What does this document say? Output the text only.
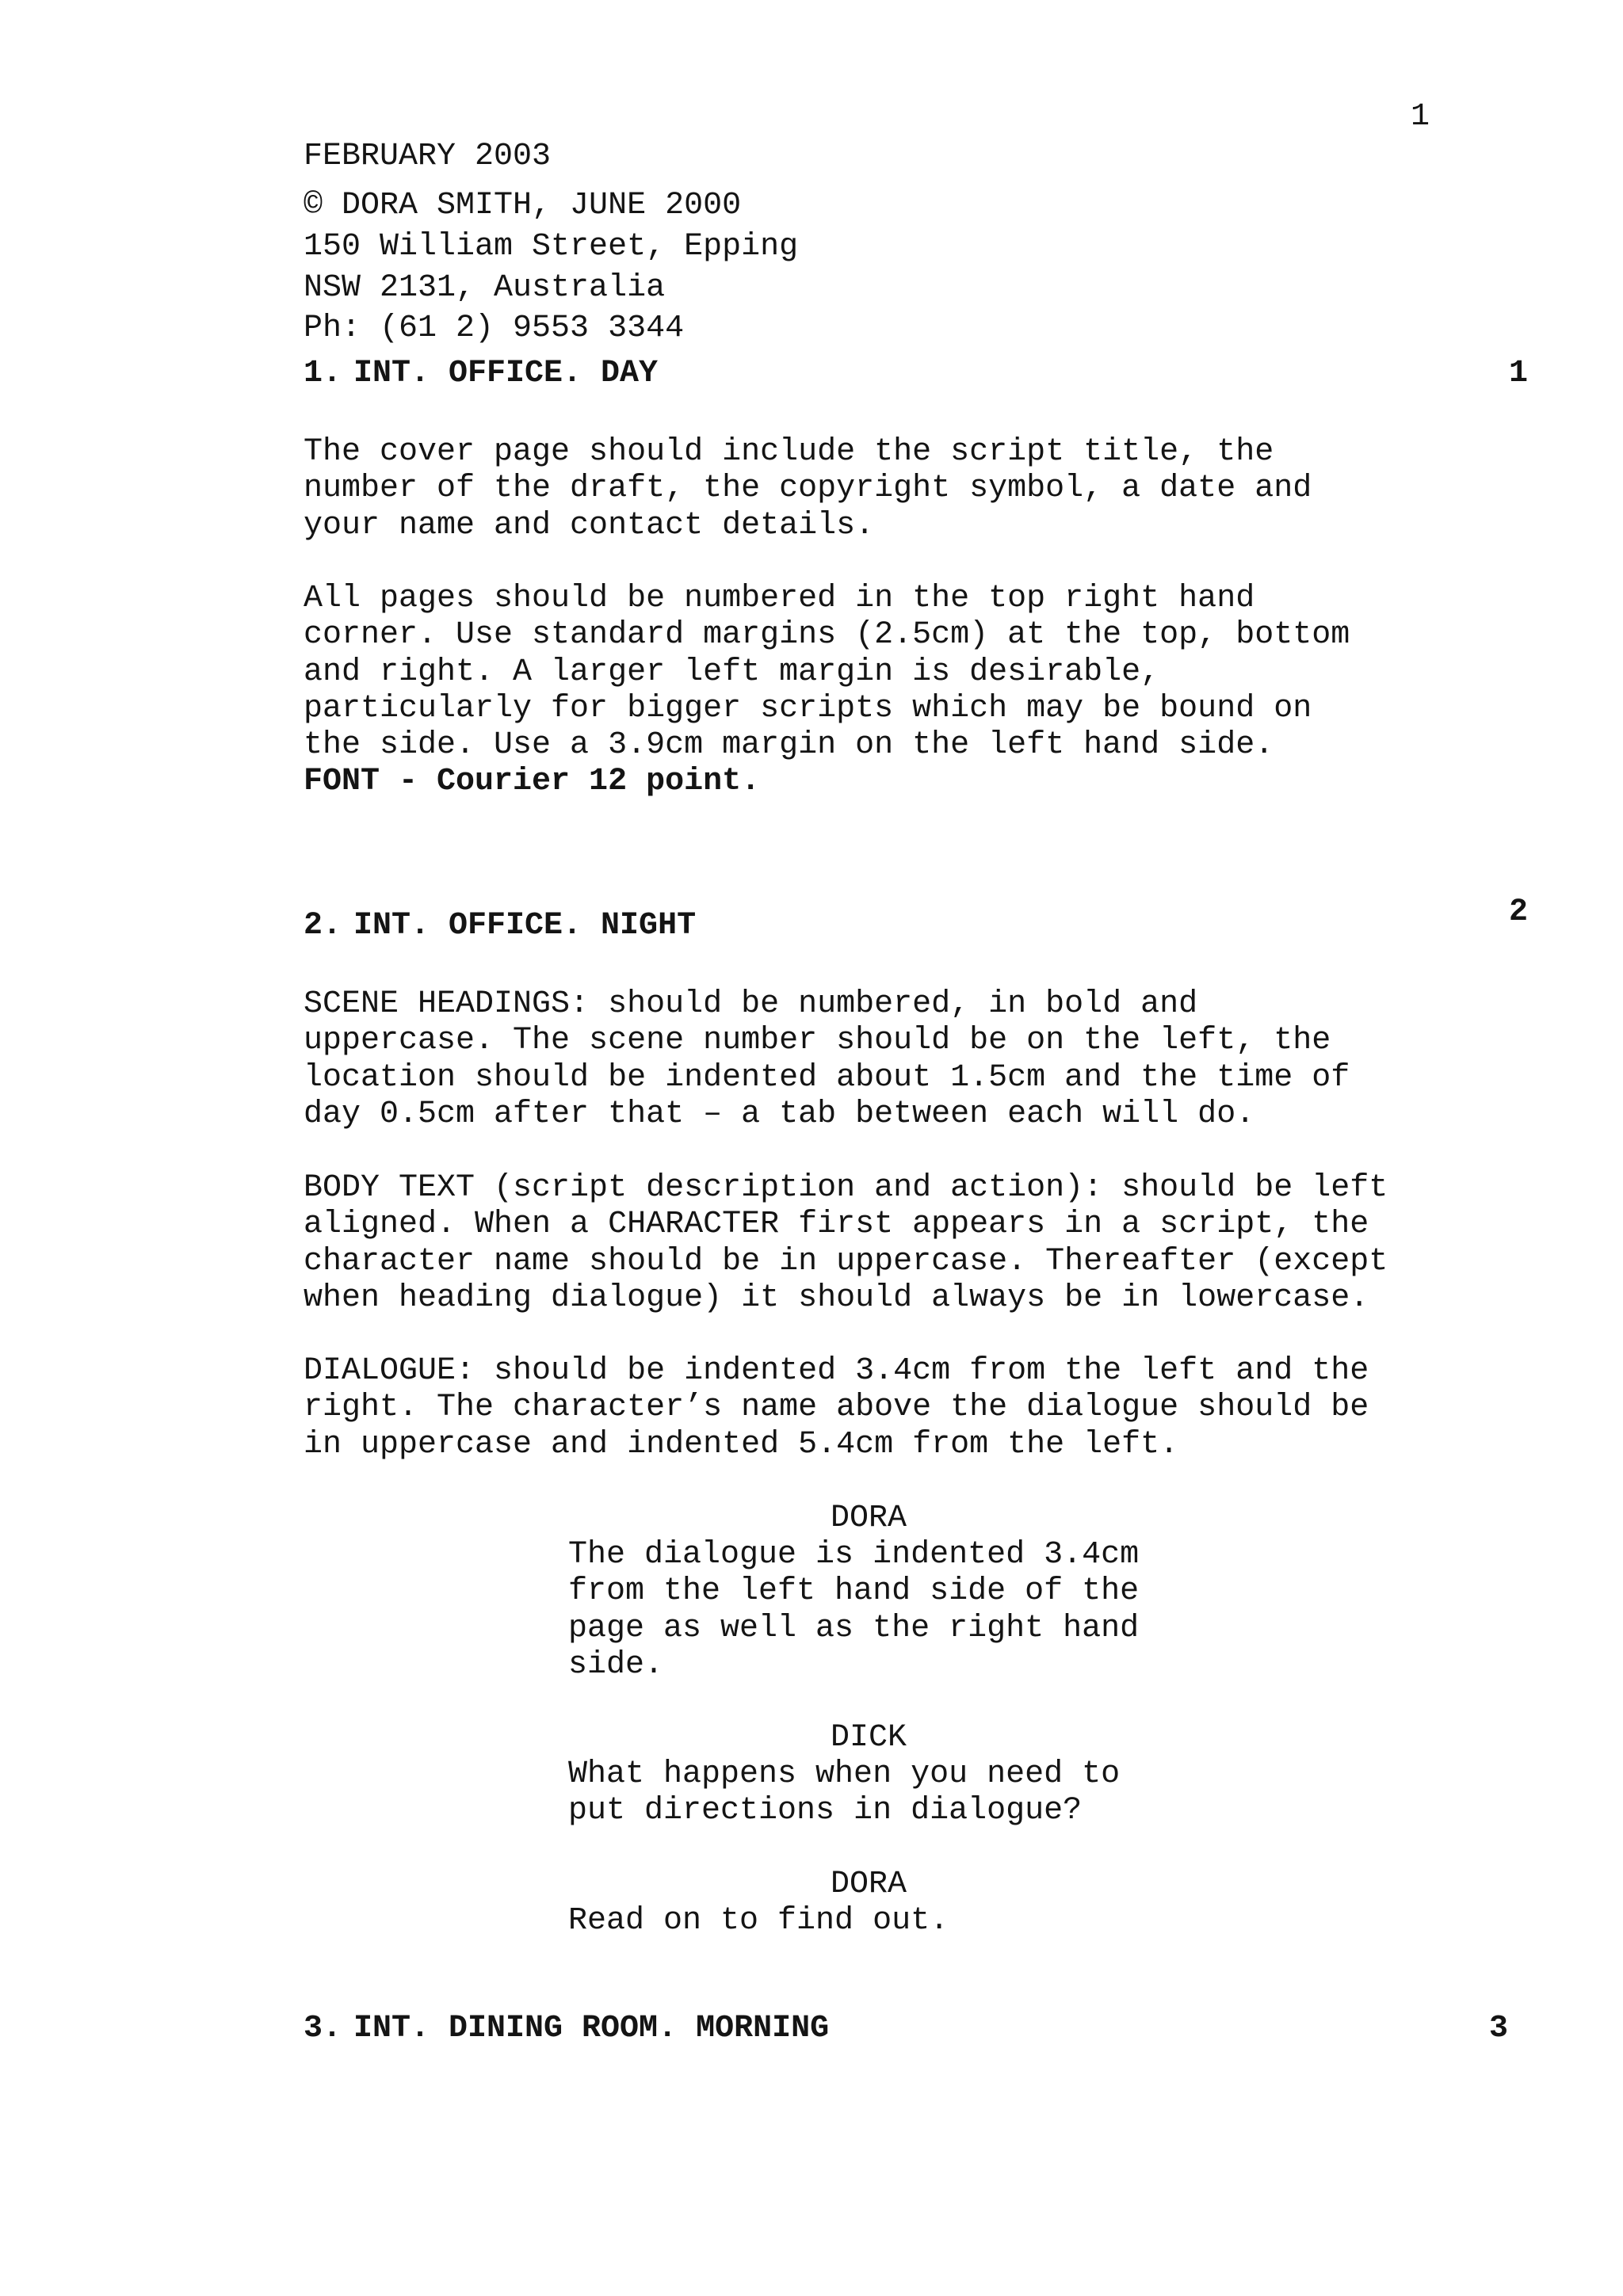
1
FEBRUARY 2003
© DORA SMITH, JUNE 2000
150 William Street, Epping
NSW 2131, Australia
Ph: (61 2) 9553 3344
1. INT. OFFICE. DAY	1
The cover page should include the script title, the
number of the draft, the copyright symbol, a date and
your name and contact details.
All pages should be numbered in the top right hand
corner. Use standard margins (2.5cm) at the top, bottom
and right. A larger left margin is desirable,
particularly for bigger scripts which may be bound on
the side. Use a 3.9cm margin on the left hand side.
FONT - Courier 12 point.
2. INT. OFFICE. NIGHT	2
SCENE HEADINGS: should be numbered, in bold and
uppercase. The scene number should be on the left, the
location should be indented about 1.5cm and the time of
day 0.5cm after that – a tab between each will do.
BODY TEXT (script description and action): should be left
aligned. When a CHARACTER first appears in a script, the
character name should be in uppercase. Thereafter (except
when heading dialogue) it should always be in lowercase.
DIALOGUE: should be indented 3.4cm from the left and the
right. The character’s name above the dialogue should be
in uppercase and indented 5.4cm from the left.
DORA
The dialogue is indented 3.4cm
from the left hand side of the
page as well as the right hand
side.
DICK
What happens when you need to
put directions in dialogue?
DORA
Read on to find out.
3. INT. DINING ROOM. MORNING	3
